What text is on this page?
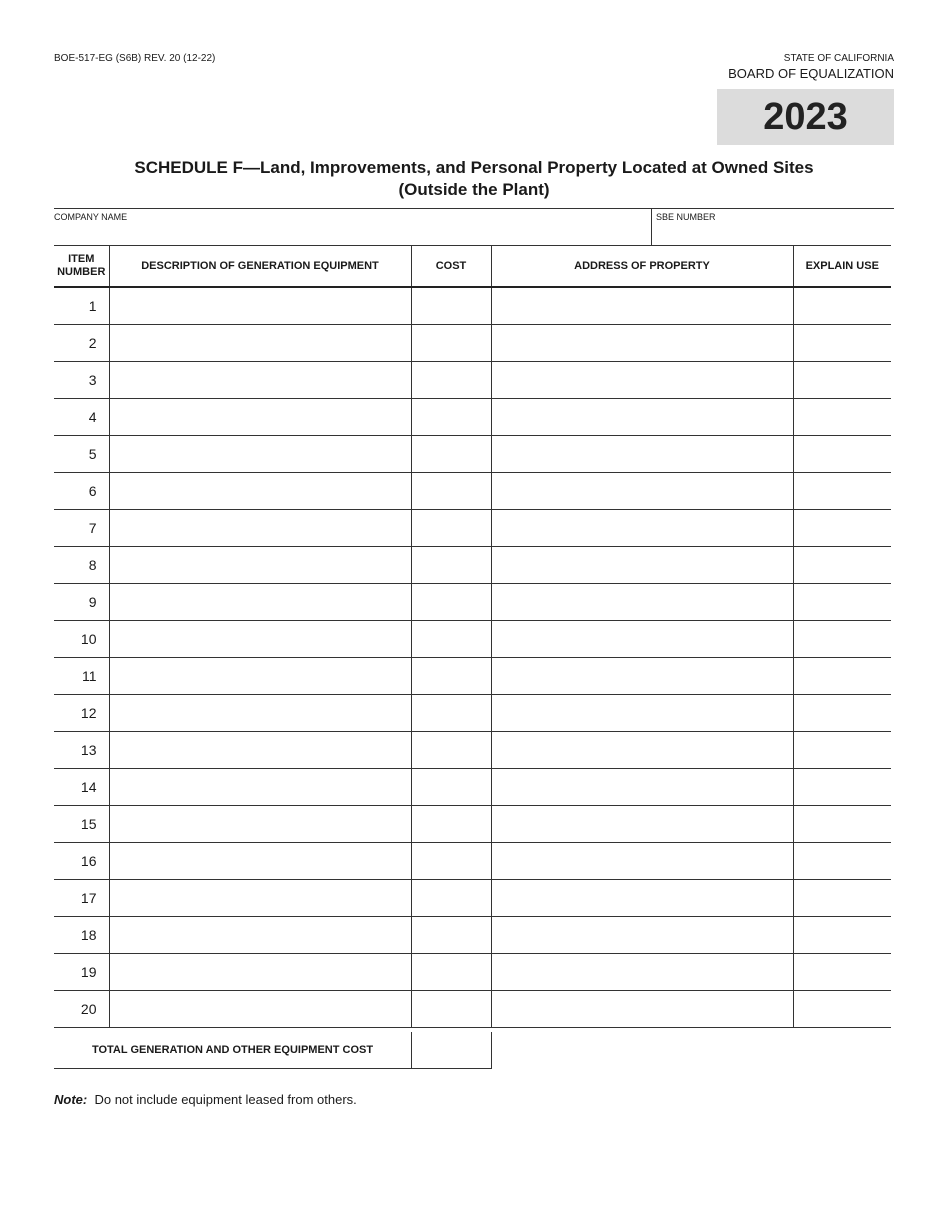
BOE-517-EG (S6B) REV. 20 (12-22)	STATE OF CALIFORNIA
BOARD OF EQUALIZATION
2023
SCHEDULE F—Land, Improvements, and Personal Property Located at Owned Sites
(Outside the Plant)
COMPANY NAME	SBE NUMBER
ITEM
NUMBER	DESCRIPTION OF GENERATION EQUIPMENT	COST	ADDRESS OF PROPERTY	EXPLAIN USE
1				
2				
3				
4				
5				
6				
7				
8				
9				
10				
11				
12				
13				
14				
15				
16				
17				
18				
19				
20				
TOTAL GENERATION AND OTHER EQUIPMENT COST
Note: Do not include equipment leased from others.
